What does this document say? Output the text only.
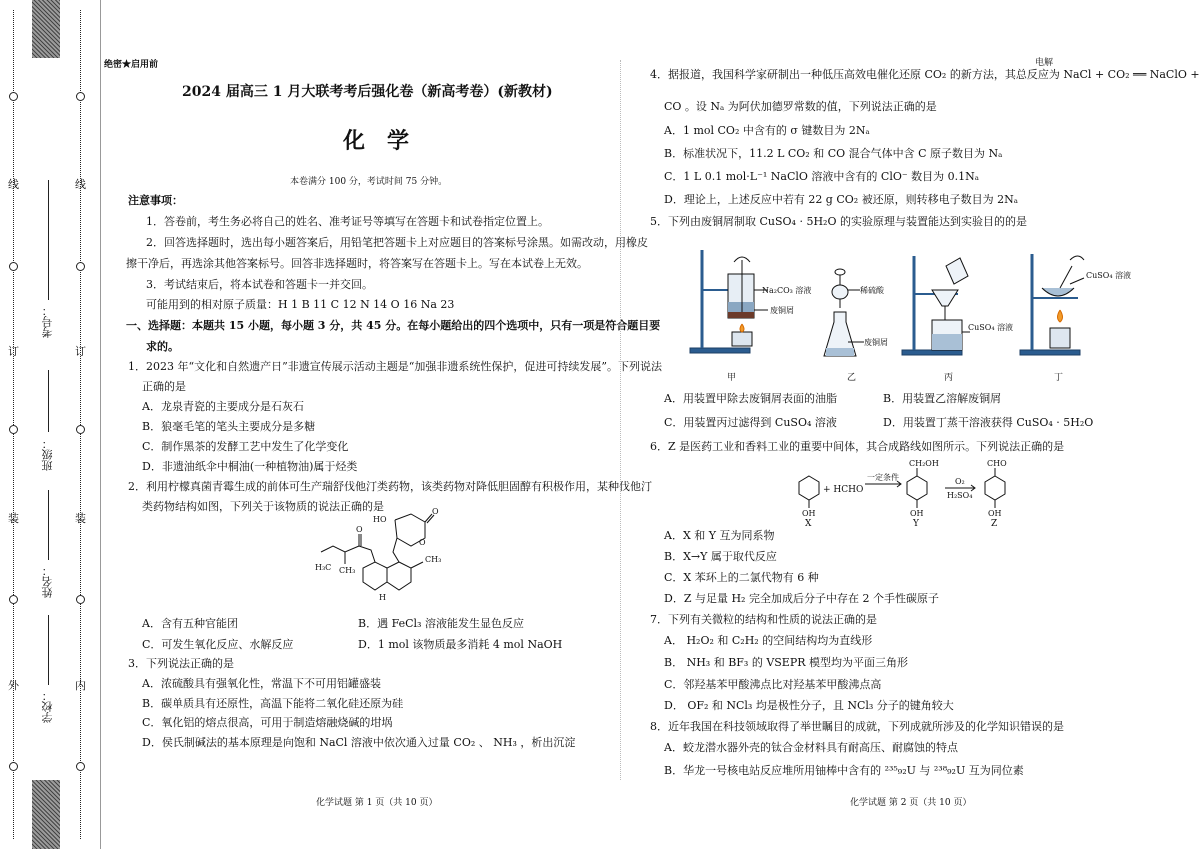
线
订
装
外
线
订
装
内
考号：
班级：
姓名：
学校：
绝密★启用前
2024 届高三 1 月大联考考后强化卷（新高考卷）(新教材)
化学
本卷满分 100 分，考试时间 75 分钟。
注意事项：
1．答卷前，考生务必将自己的姓名、准考证号等填写在答题卡和试卷指定位置上。
2．回答选择题时，选出每小题答案后，用铅笔把答题卡上对应题目的答案标号涂黑。如需改动，用橡皮
擦干净后，再选涂其他答案标号。回答非选择题时，将答案写在答题卡上。写在本试卷上无效。
3．考试结束后，将本试卷和答题卡一并交回。
可能用到的相对原子质量：H 1 B 11 C 12 N 14 O 16 Na 23
一、选择题：本题共 15 小题，每小题 3 分，共 45 分。在每小题给出的四个选项中，只有一项是符合题目要
求的。
1．2023 年“文化和自然遗产日”非遗宣传展示活动主题是“加强非遗系统性保护，促进可持续发展”。下列说法
正确的是
A．龙泉青瓷的主要成分是石灰石
B．狼毫毛笔的笔头主要成分是多糖
C．制作黑茶的发酵工艺中发生了化学变化
D．非遗油纸伞中桐油(一种植物油)属于烃类
2．利用柠檬真菌青霉生成的前体可生产瑞舒伐他汀类药物，该类药物对降低胆固醇有积极作用，某种伐他汀
类药物结构如图，下列关于该物质的说法正确的是
HO
O
O
O
H₃C CH₃
H
CH₃
A．含有五种官能团	B．遇 FeCl₃ 溶液能发生显色反应
C．可发生氧化反应、水解反应	D．1 mol 该物质最多消耗 4 mol NaOH
3．下列说法正确的是
A．浓硫酸具有强氧化性，常温下不可用铝罐盛装
B．碳单质具有还原性，高温下能将二氧化硅还原为硅
C．氧化铝的熔点很高，可用于制造熔融烧碱的坩埚
D．侯氏制碱法的基本原理是向饱和 NaCl 溶液中依次通入过量 CO₂ 、 NH₃ ，析出沉淀
化学试题 第 1 页（共 10 页）
4．据报道，我国科学家研制出一种低压高效电催化还原 CO₂ 的新方法，其总反应为 NaCl + CO₂ ══ NaClO +
电解
CO 。设 Nₐ 为阿伏加德罗常数的值，下列说法正确的是
A．1 mol CO₂ 中含有的 σ 键数目为 2Nₐ
B．标准状况下，11.2 L CO₂ 和 CO 混合气体中含 C 原子数目为 Nₐ
C．1 L 0.1 mol·L⁻¹ NaClO 溶液中含有的 ClO⁻ 数目为 0.1Nₐ
D．理论上，上述反应中若有 22 g CO₂ 被还原，则转移电子数目为 2Nₐ
5．下列由废铜屑制取 CuSO₄ · 5H₂O 的实验原理与装置能达到实验目的的是
Na₂CO₃ 溶液
废铜屑
稀硫酸
废铜屑
CuSO₄ 溶液
CuSO₄ 溶液
甲	乙	丙	丁
A．用装置甲除去废铜屑表面的油脂	B．用装置乙溶解废铜屑
C．用装置丙过滤得到 CuSO₄ 溶液	D．用装置丁蒸干溶液获得 CuSO₄ · 5H₂O
6．Z 是医药工业和香料工业的重要中间体，其合成路线如图所示。下列说法正确的是
+ HCHO
一定条件
CH₂OH
O₂
H₂SO₄
CHO
OH	OH	OH
X	Y	Z
A．X 和 Y 互为同系物
B．X→Y 属于取代反应
C．X 苯环上的二氯代物有 6 种
D．Z 与足量 H₂ 完全加成后分子中存在 2 个手性碳原子
7．下列有关微粒的结构和性质的说法正确的是
A． H₂O₂ 和 C₂H₂ 的空间结构均为直线形
B． NH₃ 和 BF₃ 的 VSEPR 模型均为平面三角形
C．邻羟基苯甲酸沸点比对羟基苯甲酸沸点高
D． OF₂ 和 NCl₃ 均是极性分子，且 NCl₃ 分子的键角较大
8．近年我国在科技领域取得了举世瞩目的成就，下列成就所涉及的化学知识错误的是
A．蛟龙潜水器外壳的钛合金材料具有耐高压、耐腐蚀的特点
B．华龙一号核电站反应堆所用铀棒中含有的 ²³⁵₉₂U 与 ²³⁸₉₂U 互为同位素
化学试题 第 2 页（共 10 页）
